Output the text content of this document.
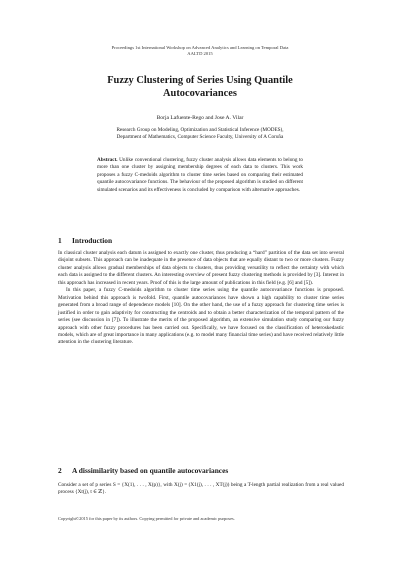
Proceedings 1st International Workshop on Advanced Analytics and Learning on Temporal Data
AALTD 2015
Fuzzy Clustering of Series Using Quantile
Autocovariances
Borja Lafuente-Rego and Jose A. Vilar
Research Group on Modeling, Optimization and Statistical Inference (MODES),
Department of Mathematics, Computer Science Faculty, University of A Coruña
Abstract. Unlike conventional clustering, fuzzy cluster analysis allows data elements to belong to more than one cluster by assigning membership degrees of each data to clusters. This work proposes a fuzzy C-medoids algorithm to cluster time series based on comparing their estimated quantile autocovariance functions. The behaviour of the proposed algorithm is studied on different simulated scenarios and its effectiveness is concluded by comparison with alternative approaches.
1 Introduction

In classical cluster analysis each datum is assigned to exactly one cluster, thus producing a “hard” partition of the data set into several disjoint subsets. This approach can be inadequate in the presence of data objects that are equally distant to two or more clusters. Fuzzy cluster analysis allows gradual memberships of data objects to clusters, thus providing versatility to reflect the certainty with which each data is assigned to the different clusters. An interesting overview of present fuzzy clustering methods is provided by [3]. Interest in this approach has increased in recent years. Proof of this is the large amount of publications in this field (e.g. [6] and [5]).

In this paper, a fuzzy C-medoids algorithm to cluster time series using the quantile autocovariance functions is proposed. Motivation behind this approach is twofold. First, quantile autocovariances have shown a high capability to cluster time series generated from a broad range of dependence models [10]. On the other hand, the use of a fuzzy approach for clustering time series is justified in order to gain adaptivity for constructing the centroids and to obtain a better characterization of the temporal pattern of the series (see discussion in [7]). To illustrate the merits of the proposed algorithm, an extensive simulation study comparing our fuzzy approach with other fuzzy procedures has been carried out. Specifically, we have focused on the classification of heteroskedastic models, which are of great importance in many applications (e.g. to model many financial time series) and have received relatively little attention in the clustering literature.

2 A dissimilarity based on quantile autocovariances

Consider a set of p series S = {X(1), . . . , X(p)}, with X(j) = (X1(j), . . . , XT(j)) being a T-length partial realization from a real valued process {Xt(j), t ∈ ℤ}.

Copyright©2015 for this paper by its authors. Copying permitted for private and academic purposes.
